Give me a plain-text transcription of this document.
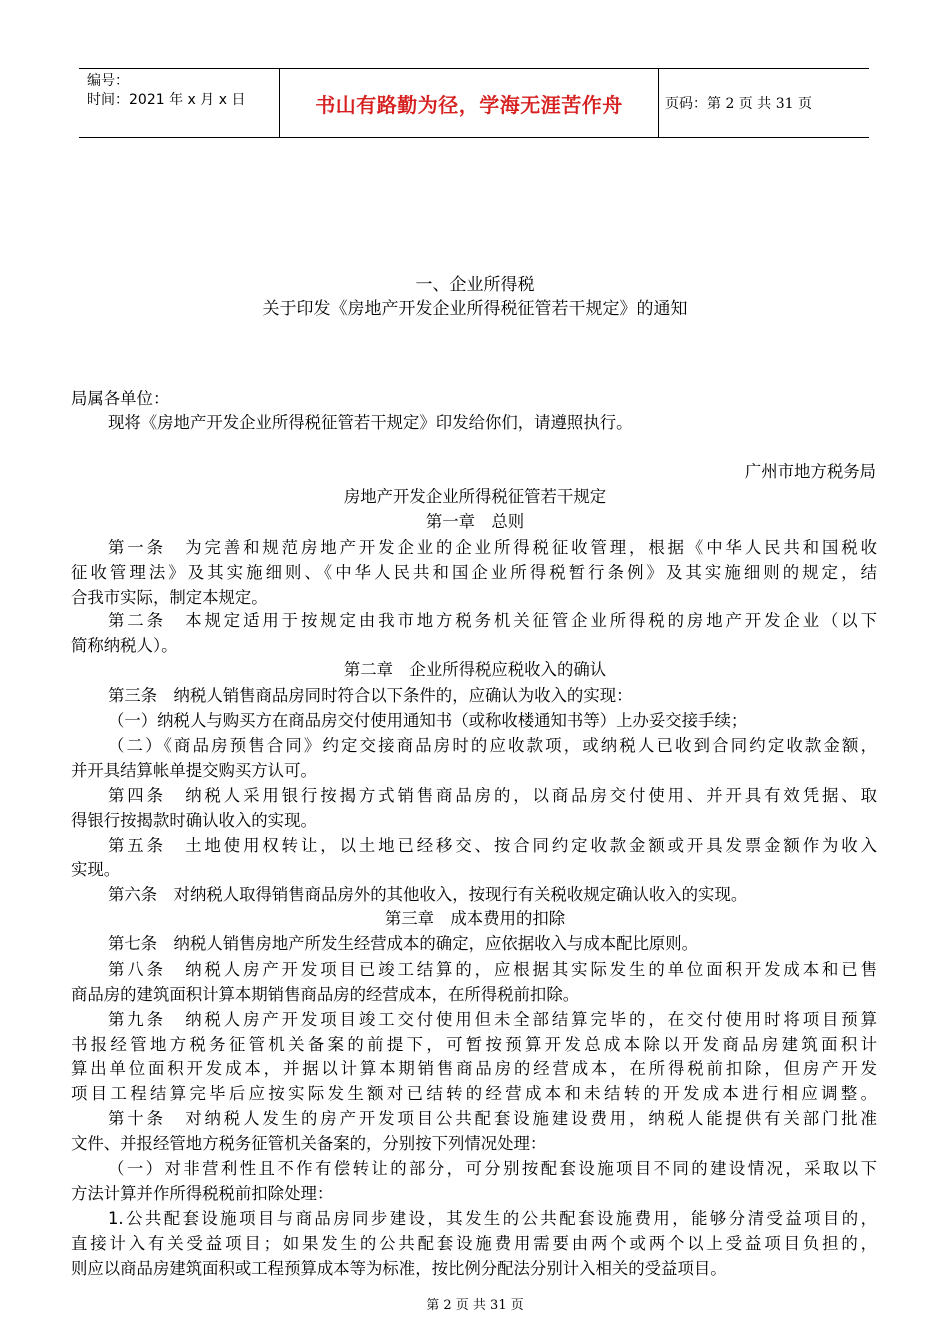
编号：
时间：2021 年 x 月 x 日	书山有路勤为径，学海无涯苦作舟	页码：第 2 页 共 31 页
一、企业所得税
关于印发《房地产开发企业所得税征管若干规定》的通知
局属各单位：
现将《房地产开发企业所得税征管若干规定》印发给你们，请遵照执行。
广州市地方税务局
房地产开发企业所得税征管若干规定
第一章　总则
第一条　为完善和规范房地产开发企业的企业所得税征收管理，根据《中华人民共和国税收
征收管理法》及其实施细则、《中华人民共和国企业所得税暂行条例》及其实施细则的规定，结
合我市实际，制定本规定。
第二条　本规定适用于按规定由我市地方税务机关征管企业所得税的房地产开发企业（以下
简称纳税人）。
第二章　企业所得税应税收入的确认
第三条　纳税人销售商品房同时符合以下条件的，应确认为收入的实现：
（一）纳税人与购买方在商品房交付使用通知书（或称收楼通知书等）上办妥交接手续；
（二）《商品房预售合同》约定交接商品房时的应收款项，或纳税人已收到合同约定收款金额，
并开具结算帐单提交购买方认可。
第四条　纳税人采用银行按揭方式销售商品房的，以商品房交付使用、并开具有效凭据、取
得银行按揭款时确认收入的实现。
第五条　土地使用权转让，以土地已经移交、按合同约定收款金额或开具发票金额作为收入
实现。
第六条　对纳税人取得销售商品房外的其他收入，按现行有关税收规定确认收入的实现。
第三章　成本费用的扣除
第七条　纳税人销售房地产所发生经营成本的确定，应依据收入与成本配比原则。
第八条　纳税人房产开发项目已竣工结算的，应根据其实际发生的单位面积开发成本和已售
商品房的建筑面积计算本期销售商品房的经营成本，在所得税前扣除。
第九条　纳税人房产开发项目竣工交付使用但未全部结算完毕的，在交付使用时将项目预算
书报经管地方税务征管机关备案的前提下，可暂按预算开发总成本除以开发商品房建筑面积计
算出单位面积开发成本，并据以计算本期销售商品房的经营成本，在所得税前扣除，但房产开发
项目工程结算完毕后应按实际发生额对已结转的经营成本和未结转的开发成本进行相应调整。
第十条　对纳税人发生的房产开发项目公共配套设施建设费用，纳税人能提供有关部门批准
文件、并报经管地方税务征管机关备案的，分别按下列情况处理：
（一）对非营利性且不作有偿转让的部分，可分别按配套设施项目不同的建设情况，采取以下
方法计算并作所得税税前扣除处理：
1.公共配套设施项目与商品房同步建设，其发生的公共配套设施费用，能够分清受益项目的，
直接计入有关受益项目；如果发生的公共配套设施费用需要由两个或两个以上受益项目负担的，
则应以商品房建筑面积或工程预算成本等为标准，按比例分配法分别计入相关的受益项目。
第 2 页 共 31 页
